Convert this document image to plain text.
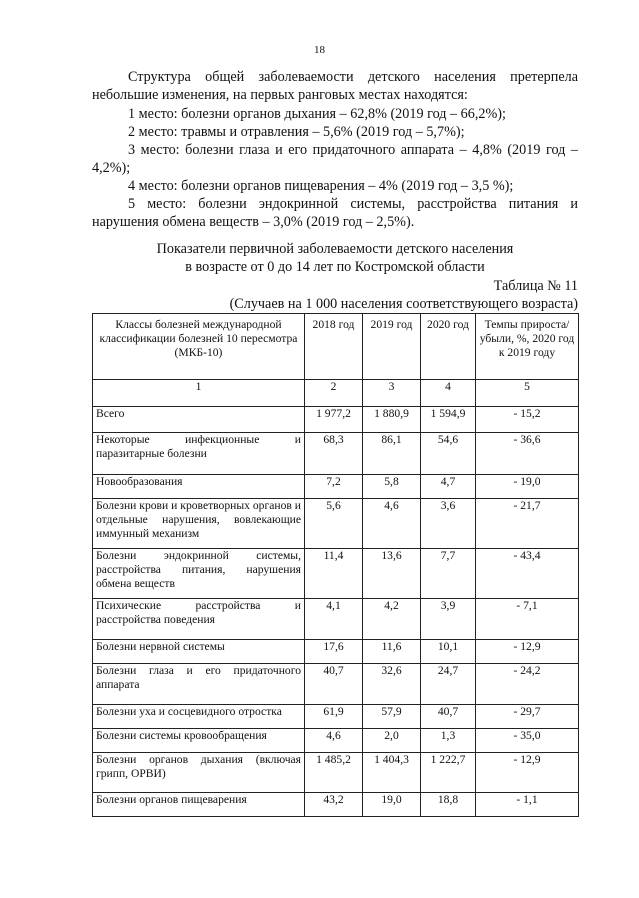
18

Структура общей заболеваемости детского населения претерпела небольшие изменения, на первых ранговых местах находятся:

1 место: болезни органов дыхания – 62,8% (2019 год – 66,2%);

2 место: травмы и отравления – 5,6% (2019 год – 5,7%);

3 место: болезни глаза и его придаточного аппарата – 4,8% (2019 год – 4,2%);

4 место: болезни органов пищеварения – 4% (2019 год – 3,5 %);

5 место: болезни эндокринной системы, расстройства питания и нарушения обмена веществ – 3,0% (2019 год – 2,5%).

Показатели первичной заболеваемости детского населения
в возрасте от 0 до 14 лет по Костромской области
Таблица № 11
(Случаев на 1 000 населения соответствующего возраста)
Классы болезней международной классификации болезней 10 пересмотра (МКБ-10)	2018 год	2019 год	2020 год	Темпы прироста/убыли, %, 2020 год к 2019 году
1	2	3	4	5
Всего	1 977,2	1 880,9	1 594,9	- 15,2
Некоторые инфекционные и паразитарные болезни	68,3	86,1	54,6	- 36,6
Новообразования	7,2	5,8	4,7	- 19,0
Болезни крови и кроветворных органов и отдельные нарушения, вовлекающие иммунный механизм	5,6	4,6	3,6	- 21,7
Болезни эндокринной системы, расстройства питания, нарушения обмена веществ	11,4	13,6	7,7	- 43,4
Психические расстройства и расстройства поведения	4,1	4,2	3,9	- 7,1
Болезни нервной системы	17,6	11,6	10,1	- 12,9
Болезни глаза и его придаточного аппарата	40,7	32,6	24,7	- 24,2
Болезни уха и сосцевидного отростка	61,9	57,9	40,7	- 29,7
Болезни системы кровообращения	4,6	2,0	1,3	- 35,0
Болезни органов дыхания (включая грипп, ОРВИ)	1 485,2	1 404,3	1 222,7	- 12,9
Болезни органов пищеварения	43,2	19,0	18,8	- 1,1
